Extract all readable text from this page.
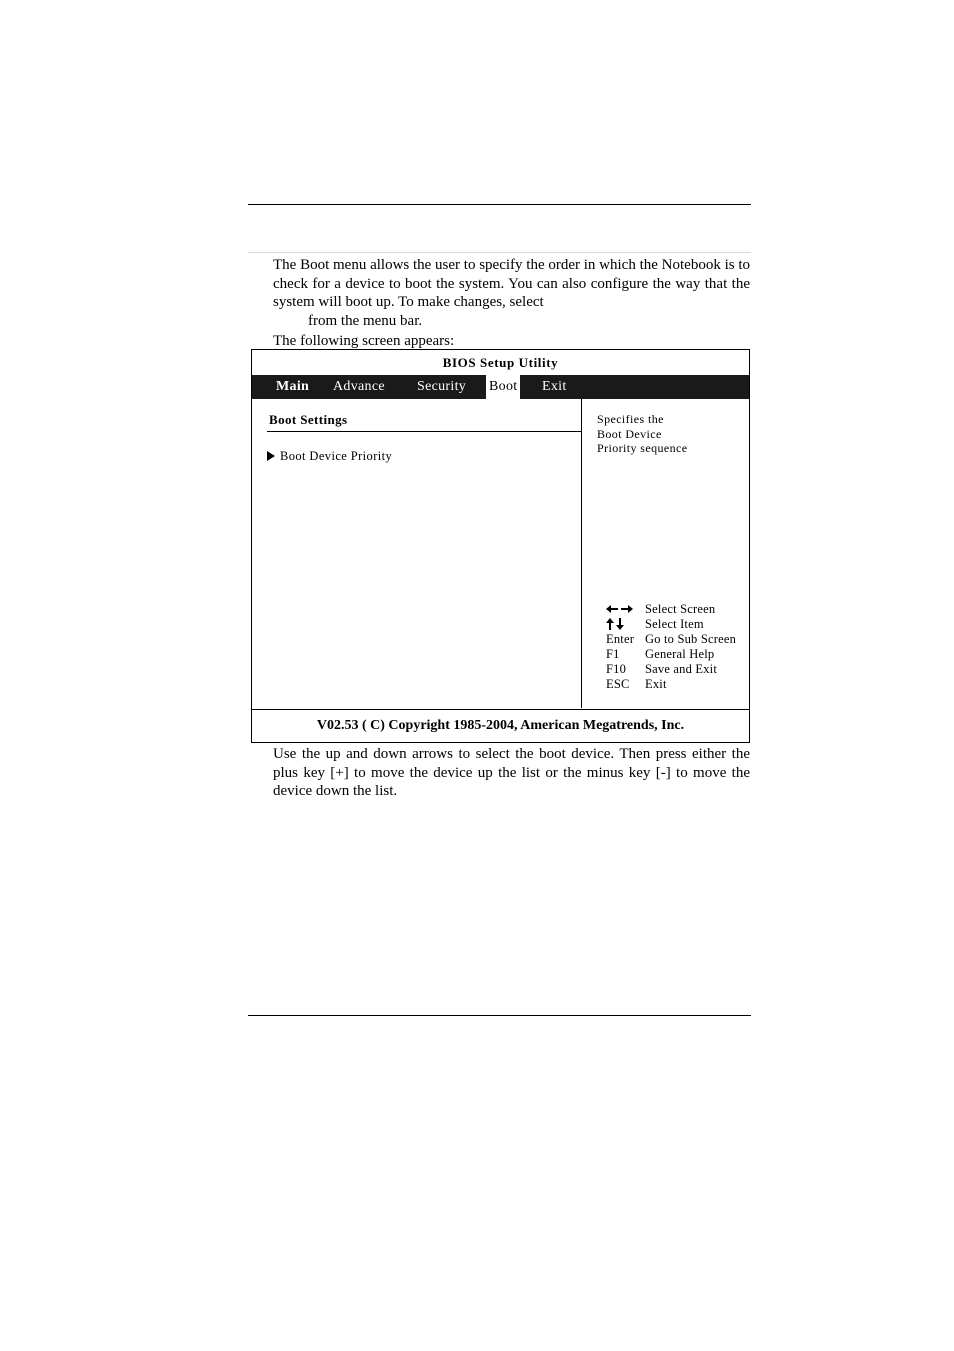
The Boot menu allows the user to specify the order in which the Notebook is to check for a device to boot the system. You can also configure the way that the system will boot up. To make changes, select
from the menu bar.
The following screen appears:
BIOS Setup Utility
Main Advance Security Boot Exit
Boot Settings
Boot Device Priority
Specifies the
Boot Device
Priority sequence
Select Screen
Select Item
Enter Go to Sub Screen
F1	General Help
F10	Save and Exit
ESC	Exit
V02.53 ( C) Copyright 1985-2004, American Megatrends, Inc.
Use the up and down arrows to select the boot device. Then press either the plus key [+] to move the device up the list or the minus key [-] to move the device down the list.
